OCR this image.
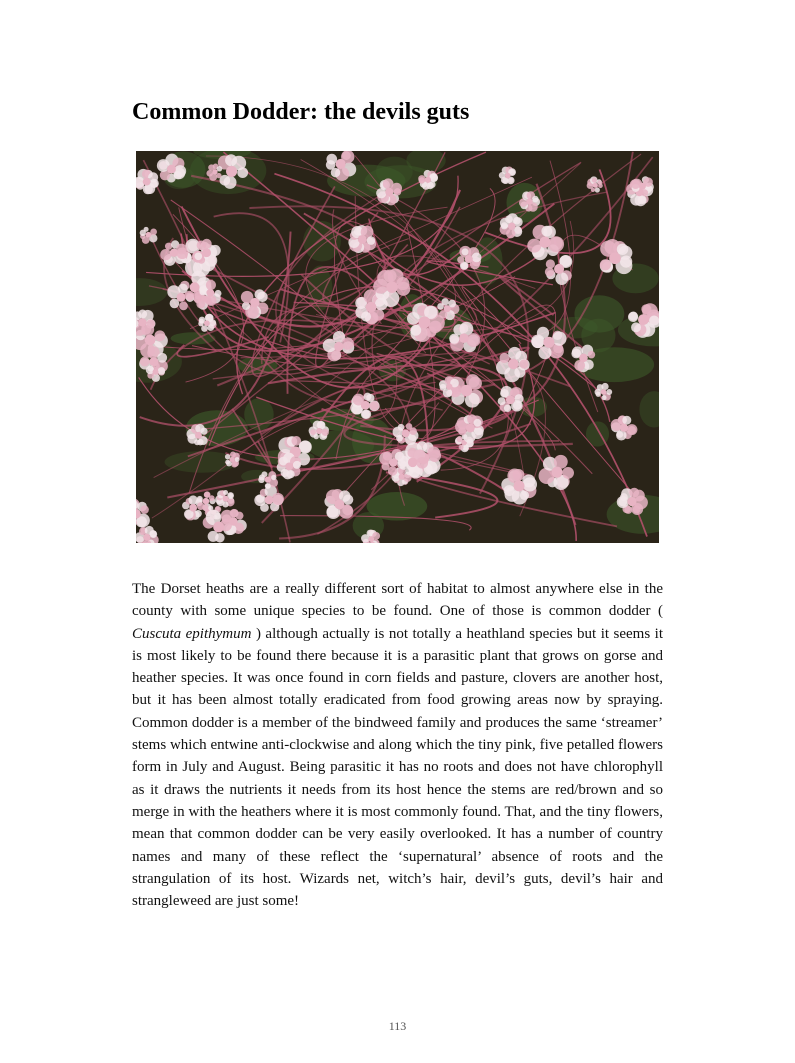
Common Dodder: the devils guts

The Dorset heaths are a really different sort of habitat to almost anywhere else in the county with some unique species to be found. One of those is common dodder ( Cuscuta epithymum ) although actually is not totally a heathland species but it seems it is most likely to be found there because it is a parasitic plant that grows on gorse and heather species. It was once found in corn fields and pasture, clovers are another host, but it has been almost totally eradicated from food growing areas now by spraying. Common dodder is a member of the bindweed family and produces the same ‘streamer’ stems which entwine anti-clockwise and along which the tiny pink, five petalled flowers form in July and August. Being parasitic it has no roots and does not have chlorophyll as it draws the nutrients it needs from its host hence the stems are red/brown and so merge in with the heathers where it is most commonly found. That, and the tiny flowers, mean that common dodder can be very easily overlooked. It has a number of country names and many of these reflect the ‘supernatural’ absence of roots and the strangulation of its host. Wizards net, witch’s hair, devil’s guts, devil’s hair and strangleweed are just some!

113
